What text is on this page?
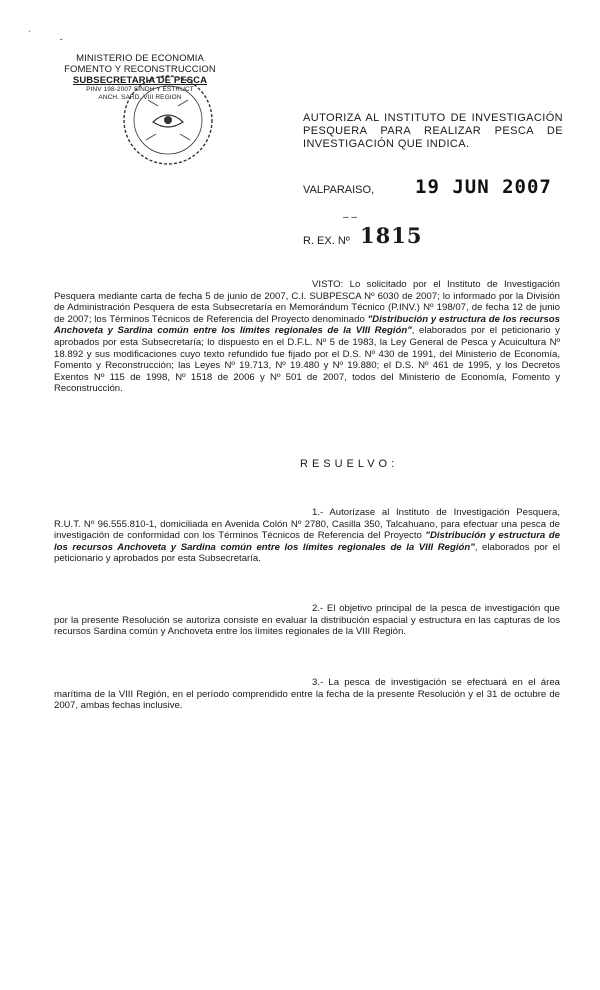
ˋ
ˇ
MINISTERIO DE ECONOMIA
FOMENTO Y RECONSTRUCCION
SUBSECRETARIA DE PESCA
PINV 198-2007 SINDH Y ESTRUCT
ANCH. SARD. VIII REGION
AUTORIZA AL INSTITUTO DE INVESTIGACIÓN PESQUERA PARA REALIZAR PESCA DE INVESTIGACIÓN QUE INDICA.
VALPARAISO, 19 JUN 2007
– –
R. EX. Nº 1815

VISTO: Lo solicitado por el Instituto de Investigación Pesquera mediante carta de fecha 5 de junio de 2007, C.I. SUBPESCA Nº 6030 de 2007; lo informado por la División de Administración Pesquera de esta Subsecretaría en Memorándum Técnico (P.INV.) Nº 198/07, de fecha 12 de junio de 2007; los Términos Técnicos de Referencia del Proyecto denominado "Distribución y estructura de los recursos Anchoveta y Sardina común entre los límites regionales de la VIII Región", elaborados por el peticionario y aprobados por esta Subsecretaría; lo dispuesto en el D.F.L. Nº 5 de 1983, la Ley General de Pesca y Acuicultura Nº 18.892 y sus modificaciones cuyo texto refundido fue fijado por el D.S. Nº 430 de 1991, del Ministerio de Economía, Fomento y Reconstrucción; las Leyes Nº 19.713, Nº 19.480 y Nº 19.880; el D.S. Nº 461 de 1995, y los Decretos Exentos Nº 115 de 1998, Nº 1518 de 2006 y Nº 501 de 2007, todos del Ministerio de Economía, Fomento y Reconstrucción.

RESUELVO:

1.- Autorízase al Instituto de Investigación Pesquera, R.U.T. Nº 96.555.810-1, domiciliada en Avenida Colón Nº 2780, Casilla 350, Talcahuano, para efectuar una pesca de investigación de conformidad con los Términos Técnicos de Referencia del Proyecto "Distribución y estructura de los recursos Anchoveta y Sardina común entre los límites regionales de la VIII Región", elaborados por el peticionario y aprobados por esta Subsecretaría.

2.- El objetivo principal de la pesca de investigación que por la presente Resolución se autoriza consiste en evaluar la distribución espacial y estructura en las capturas de los recursos Sardina común y Anchoveta entre los límites regionales de la VIII Región.

3.- La pesca de investigación se efectuará en el área marítima de la VIII Región, en el período comprendido entre la fecha de la presente Resolución y el 31 de octubre de 2007, ambas fechas inclusive.
